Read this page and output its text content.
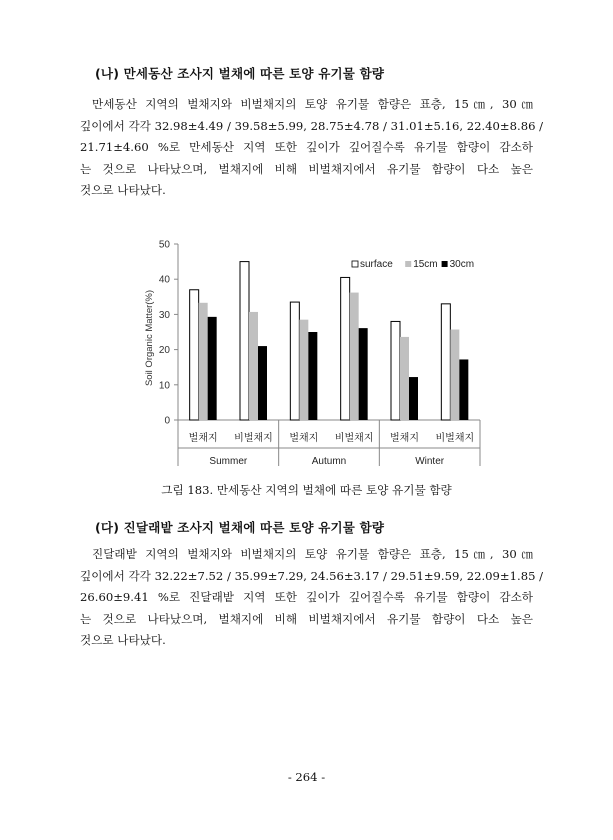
(나) 만세동산 조사지 벌채에 따른 토양 유기물 함량

만세동산 지역의 벌채지와 비벌채지의 토양 유기물 함량은 표층, 15㎝, 30㎝
깊이에서 각각 32.98±4.49 / 39.58±5.99, 28.75±4.78 / 31.01±5.16, 22.40±8.86 /
21.71±4.60 %로 만세동산 지역 또한 깊이가 깊어질수록 유기물 함량이 감소하
는 것으로 나타났으며, 벌채지에 비해 비벌채지에서 유기물 함량이 다소 높은
것으로 나타났다.

0
10
20
30
40
50
Soil Organic Matter(%)
벌채지 비벌채지 벌채지 비벌채지 벌채지 비벌채지
Summer	Autumn	Winter
surface 15cm 30cm
그림 183. 만세동산 지역의 벌채에 따른 토양 유기물 함량
(다) 진달래밭 조사지 벌채에 따른 토양 유기물 함량

진달래밭 지역의 벌채지와 비벌채지의 토양 유기물 함량은 표층, 15㎝, 30㎝
깊이에서 각각 32.22±7.52 / 35.99±7.29, 24.56±3.17 / 29.51±9.59, 22.09±1.85 /
26.60±9.41 %로 진달래밭 지역 또한 깊이가 깊어질수록 유기물 함량이 감소하
는 것으로 나타났으며, 벌채지에 비해 비벌채지에서 유기물 함량이 다소 높은
것으로 나타났다.

- 264 -
